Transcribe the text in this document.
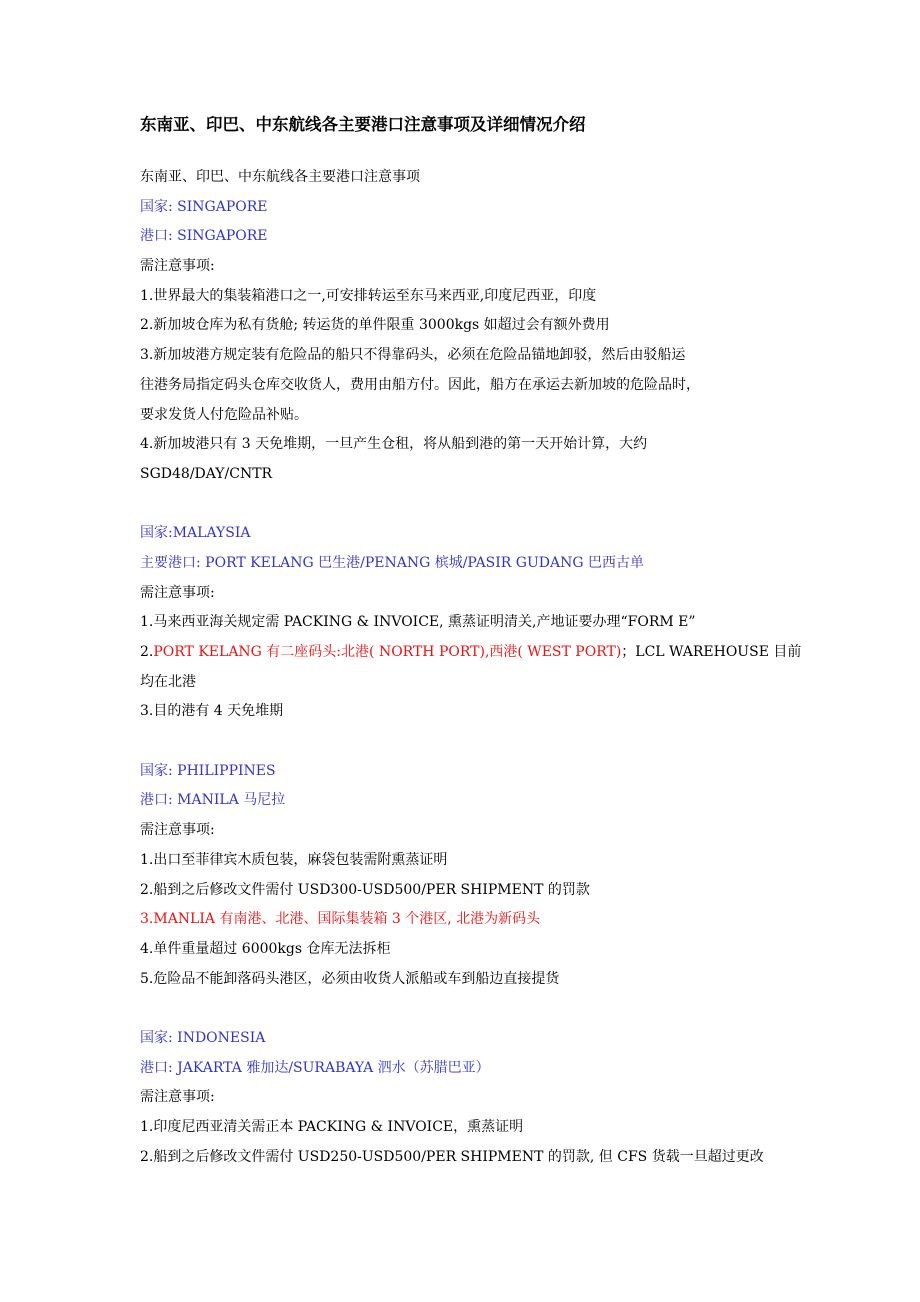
东南亚、印巴、中东航线各主要港口注意事项及详细情况介绍
东南亚、印巴、中东航线各主要港口注意事项
国家: SINGAPORE
港口: SINGAPORE
需注意事项:
1.世界最大的集装箱港口之一,可安排转运至东马来西亚,印度尼西亚，印度
2.新加坡仓库为私有货舱; 转运货的单件限重 3000kgs 如超过会有额外费用
3.新加坡港方规定装有危险品的船只不得靠码头，必须在危险品锚地卸驳，然后由驳船运
往港务局指定码头仓库交收货人，费用由船方付。因此，船方在承运去新加坡的危险品时，
要求发货人付危险品补贴。
4.新加坡港只有 3 天免堆期，一旦产生仓租，将从船到港的第一天开始计算，大约
SGD48/DAY/CNTR
国家:MALAYSIA
主要港口: PORT KELANG 巴生港/PENANG 槟城/PASIR GUDANG 巴西古单
需注意事项:
1.马来西亚海关规定需 PACKING & INVOICE, 熏蒸证明清关,产地证要办理“FORM E”
2.PORT KELANG 有二座码头:北港( NORTH PORT),西港( WEST PORT)；LCL WAREHOUSE 目前
均在北港
3.目的港有 4 天免堆期
国家: PHILIPPINES
港口: MANILA 马尼拉
需注意事项:
1.出口至菲律宾木质包装，麻袋包装需附熏蒸证明
2.船到之后修改文件需付 USD300-USD500/PER SHIPMENT 的罚款
3.MANLIA 有南港、北港、国际集装箱 3 个港区, 北港为新码头
4.单件重量超过 6000kgs 仓库无法拆柜
5.危险品不能卸落码头港区，必须由收货人派船或车到船边直接提货
国家: INDONESIA
港口: JAKARTA 雅加达/SURABAYA 泗水（苏腊巴亚）
需注意事项:
1.印度尼西亚清关需正本 PACKING & INVOICE，熏蒸证明
2.船到之后修改文件需付 USD250-USD500/PER SHIPMENT 的罚款, 但 CFS 货载一旦超过更改
